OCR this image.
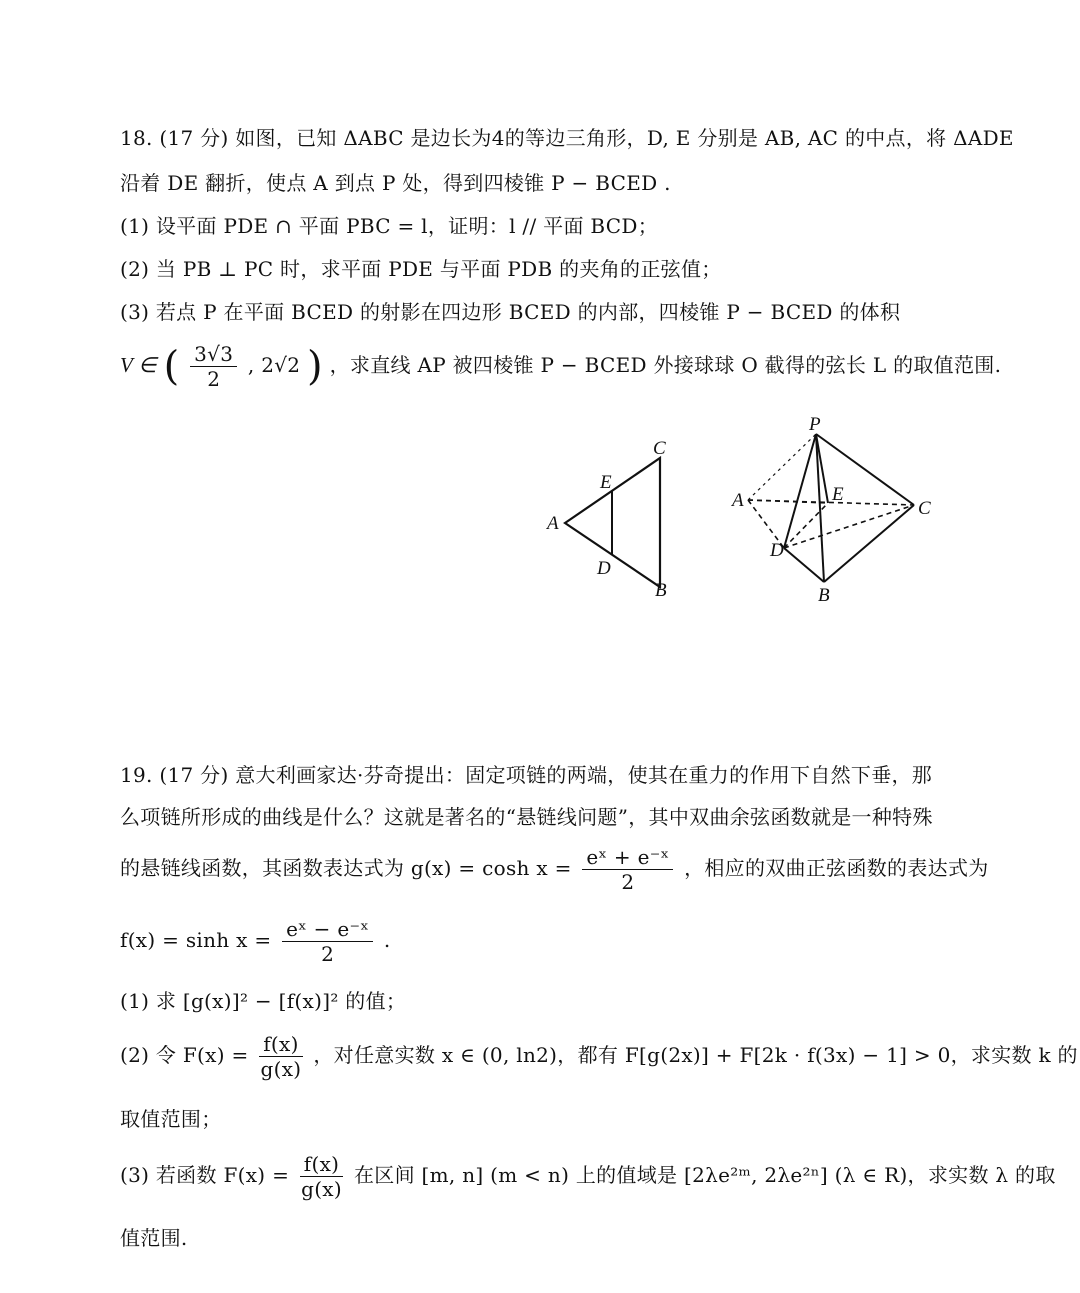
18. (17 分) 如图，已知 ΔABC 是边长为4的等边三角形，D, E 分别是 AB, AC 的中点，将 ΔADE
沿着 DE 翻折，使点 A 到点 P 处，得到四棱锥 P − BCED .
(1) 设平面 PDE ∩ 平面 PBC = l，证明：l // 平面 BCD；
(2) 当 PB ⊥ PC 时，求平面 PDE 与平面 PDB 的夹角的正弦值；
(3) 若点 P 在平面 BCED 的射影在四边形 BCED 的内部，四棱锥 P − BCED 的体积
V ∈ ( $\frac{3√3}{2}$ , 2√2 ) ，求直线 AP 被四棱锥 P − BCED 外接球球 O 截得的弦长 L 的取值范围.
C
E
A
D
B
P
A	E
C
D
B
19. (17 分) 意大利画家达·芬奇提出：固定项链的两端，使其在重力的作用下自然下垂，那
么项链所形成的曲线是什么？这就是著名的“悬链线问题”，其中双曲余弦函数就是一种特殊
的悬链线函数，其函数表达式为 $g(x) = \cosh x = \frac{\text{eˣ + e⁻ˣ}}{2}$ ，相应的双曲正弦函数的表达式为
$f(x) = \sinh x = \frac{\text{eˣ − e⁻ˣ}}{2}$ .
(1) 求 [g(x)]² − [f(x)]² 的值；
(2) 令 $F(x) = \frac{f(x)}{g(x)}$ ，对任意实数 x ∈ (0, ln2)，都有 F[g(2x)] + F[2k · f(3x) − 1] > 0，求实数 k 的
取值范围；
(3) 若函数 $F(x) = \frac{f(x)}{g(x)}$ 在区间 [m, n] (m < n) 上的值域是 [2λe²ᵐ, 2λe²ⁿ] (λ ∈ R)，求实数 λ 的取
值范围.
